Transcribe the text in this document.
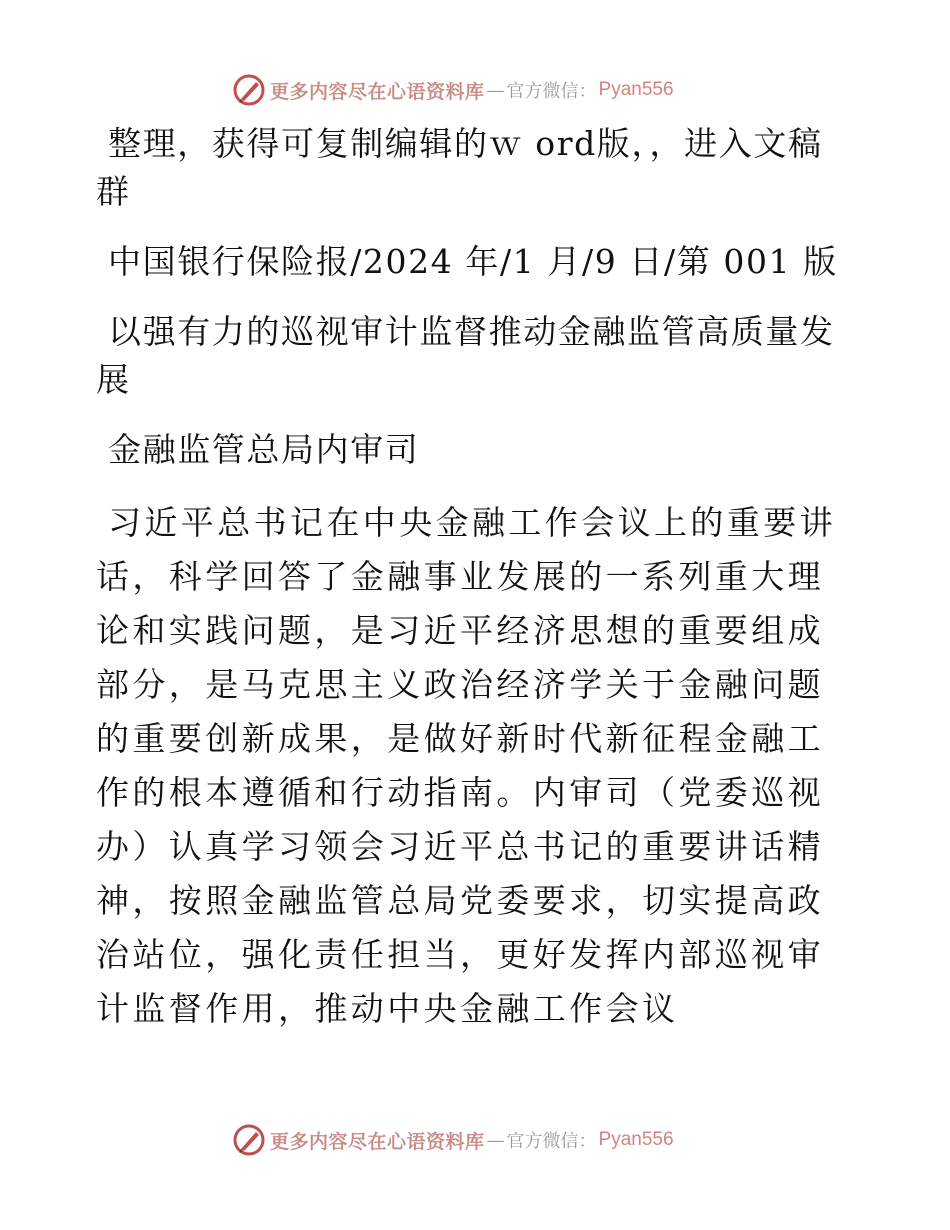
更多内容尽在心语资料库 — 官方微信： Pyan556

整理，获得可复制编辑的ｗ ord版，，进入文稿群

中国银行保险报/2024 年/1 月/9 日/第 001 版

以强有力的巡视审计监督推动金融监管高质量发展

金融监管总局内审司

习近平总书记在中央金融工作会议上的重要讲话，科学回答了金融事业发展的一系列重大理论和实践问题，是习近平经济思想的重要组成部分，是马克思主义政治经济学关于金融问题的重要创新成果，是做好新时代新征程金融工作的根本遵循和行动指南。内审司（党委巡视办）认真学习领会习近平总书记的重要讲话精神，按照金融监管总局党委要求，切实提高政治站位，强化责任担当，更好发挥内部巡视审计监督作用，推动中央金融工作会议

更多内容尽在心语资料库 — 官方微信： Pyan556
